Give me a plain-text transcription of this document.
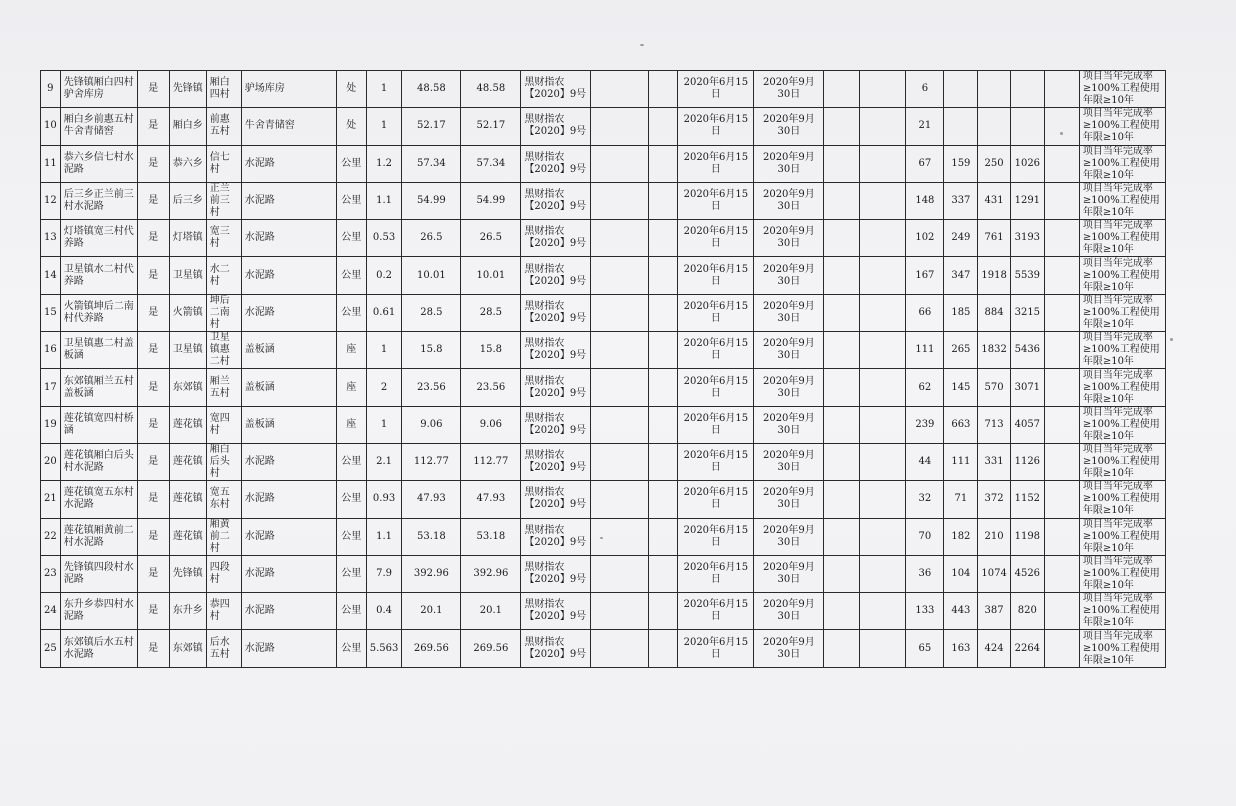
9	先锋镇厢白四村驴舍库房	是	先锋镇	厢白四村	驴场库房	处	1	48.58	48.58	黑财指农【2020】9号			2020年6月15日	2020年9月30日			6					项目当年完成率≥100%工程使用年限≥10年
10	厢白乡前惠五村牛舍青储窖	是	厢白乡	前惠五村	牛舍青储窖	处	1	52.17	52.17	黑财指农【2020】9号			2020年6月15日	2020年9月30日			21					项目当年完成率≥100%工程使用年限≥10年
11	恭六乡信七村水泥路	是	恭六乡	信七村	水泥路	公里	1.2	57.34	57.34	黑财指农【2020】9号			2020年6月15日	2020年9月30日			67	159	250	1026		项目当年完成率≥100%工程使用年限≥10年
12	后三乡正兰前三村水泥路	是	后三乡	正兰前三村	水泥路	公里	1.1	54.99	54.99	黑财指农【2020】9号			2020年6月15日	2020年9月30日			148	337	431	1291		项目当年完成率≥100%工程使用年限≥10年
13	灯塔镇宽三村代养路	是	灯塔镇	宽三村	水泥路	公里	0.53	26.5	26.5	黑财指农【2020】9号			2020年6月15日	2020年9月30日			102	249	761	3193		项目当年完成率≥100%工程使用年限≥10年
14	卫星镇水二村代养路	是	卫星镇	水二村	水泥路	公里	0.2	10.01	10.01	黑财指农【2020】9号			2020年6月15日	2020年9月30日			167	347	1918	5539		项目当年完成率≥100%工程使用年限≥10年
15	火箭镇坤后二南村代养路	是	火箭镇	坤后二南村	水泥路	公里	0.61	28.5	28.5	黑财指农【2020】9号			2020年6月15日	2020年9月30日			66	185	884	3215		项目当年完成率≥100%工程使用年限≥10年
16	卫星镇惠二村盖板涵	是	卫星镇	卫星镇惠二村	盖板涵	座	1	15.8	15.8	黑财指农【2020】9号			2020年6月15日	2020年9月30日			111	265	1832	5436		项目当年完成率≥100%工程使用年限≥10年
17	东郊镇厢兰五村盖板涵	是	东郊镇	厢兰五村	盖板涵	座	2	23.56	23.56	黑财指农【2020】9号			2020年6月15日	2020年9月30日			62	145	570	3071		项目当年完成率≥100%工程使用年限≥10年
19	莲花镇宽四村桥涵	是	莲花镇	宽四村	盖板涵	座	1	9.06	9.06	黑财指农【2020】9号			2020年6月15日	2020年9月30日			239	663	713	4057		项目当年完成率≥100%工程使用年限≥10年
20	莲花镇厢白后头村水泥路	是	莲花镇	厢白后头村	水泥路	公里	2.1	112.77	112.77	黑财指农【2020】9号			2020年6月15日	2020年9月30日			44	111	331	1126		项目当年完成率≥100%工程使用年限≥10年
21	莲花镇宽五东村水泥路	是	莲花镇	宽五东村	水泥路	公里	0.93	47.93	47.93	黑财指农【2020】9号			2020年6月15日	2020年9月30日			32	71	372	1152		项目当年完成率≥100%工程使用年限≥10年
22	莲花镇厢黄前二村水泥路	是	莲花镇	厢黄前二村	水泥路	公里	1.1	53.18	53.18	黑财指农【2020】9号			2020年6月15日	2020年9月30日			70	182	210	1198		项目当年完成率≥100%工程使用年限≥10年
23	先锋镇四段村水泥路	是	先锋镇	四段村	水泥路	公里	7.9	392.96	392.96	黑财指农【2020】9号			2020年6月15日	2020年9月30日			36	104	1074	4526		项目当年完成率≥100%工程使用年限≥10年
24	东升乡恭四村水泥路	是	东升乡	恭四村	水泥路	公里	0.4	20.1	20.1	黑财指农【2020】9号			2020年6月15日	2020年9月30日			133	443	387	820		项目当年完成率≥100%工程使用年限≥10年
25	东郊镇后水五村水泥路	是	东郊镇	后水五村	水泥路	公里	5.563	269.56	269.56	黑财指农【2020】9号			2020年6月15日	2020年9月30日			65	163	424	2264		项目当年完成率≥100%工程使用年限≥10年
